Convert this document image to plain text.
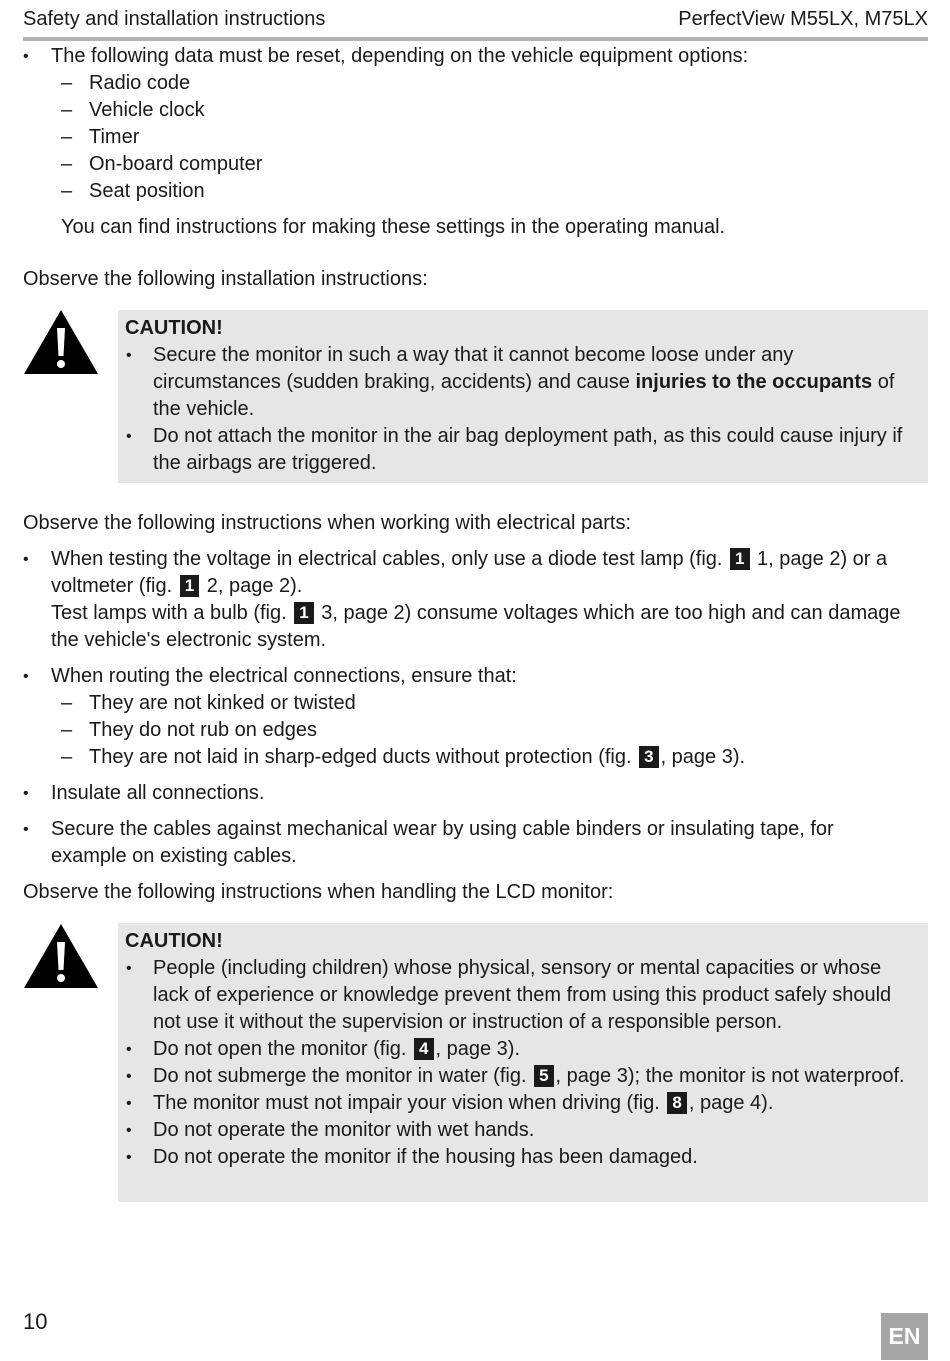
Safety and installation instructions	PerfectView M55LX, M75LX
• The following data must be reset, depending on the vehicle equipment options:
– Radio code
– Vehicle clock
– Timer
– On-board computer
– Seat position
You can find instructions for making these settings in the operating manual.
Observe the following installation instructions:
CAUTION!
• Secure the monitor in such a way that it cannot become loose under any circumstances (sudden braking, accidents) and cause injuries to the occupants of the vehicle.
• Do not attach the monitor in the air bag deployment path, as this could cause injury if the airbags are triggered.
Observe the following instructions when working with electrical parts:
• When testing the voltage in electrical cables, only use a diode test lamp (fig. 1 1, page 2) or a voltmeter (fig. 1 2, page 2).
Test lamps with a bulb (fig. 1 3, page 2) consume voltages which are too high and can damage the vehicle's electronic system.
• When routing the electrical connections, ensure that:
– They are not kinked or twisted
– They do not rub on edges
– They are not laid in sharp-edged ducts without protection (fig. 3 , page 3).
• Insulate all connections.
• Secure the cables against mechanical wear by using cable binders or insulating tape, for example on existing cables.
Observe the following instructions when handling the LCD monitor:
CAUTION!
• People (including children) whose physical, sensory or mental capacities or whose lack of experience or knowledge prevent them from using this product safely should not use it without the supervision or instruction of a responsible person.
• Do not open the monitor (fig. 4 , page 3).
• Do not submerge the monitor in water (fig. 5 , page 3); the monitor is not waterproof.
• The monitor must not impair your vision when driving (fig. 8 , page 4).
• Do not operate the monitor with wet hands.
• Do not operate the monitor if the housing has been damaged.
10
EN
